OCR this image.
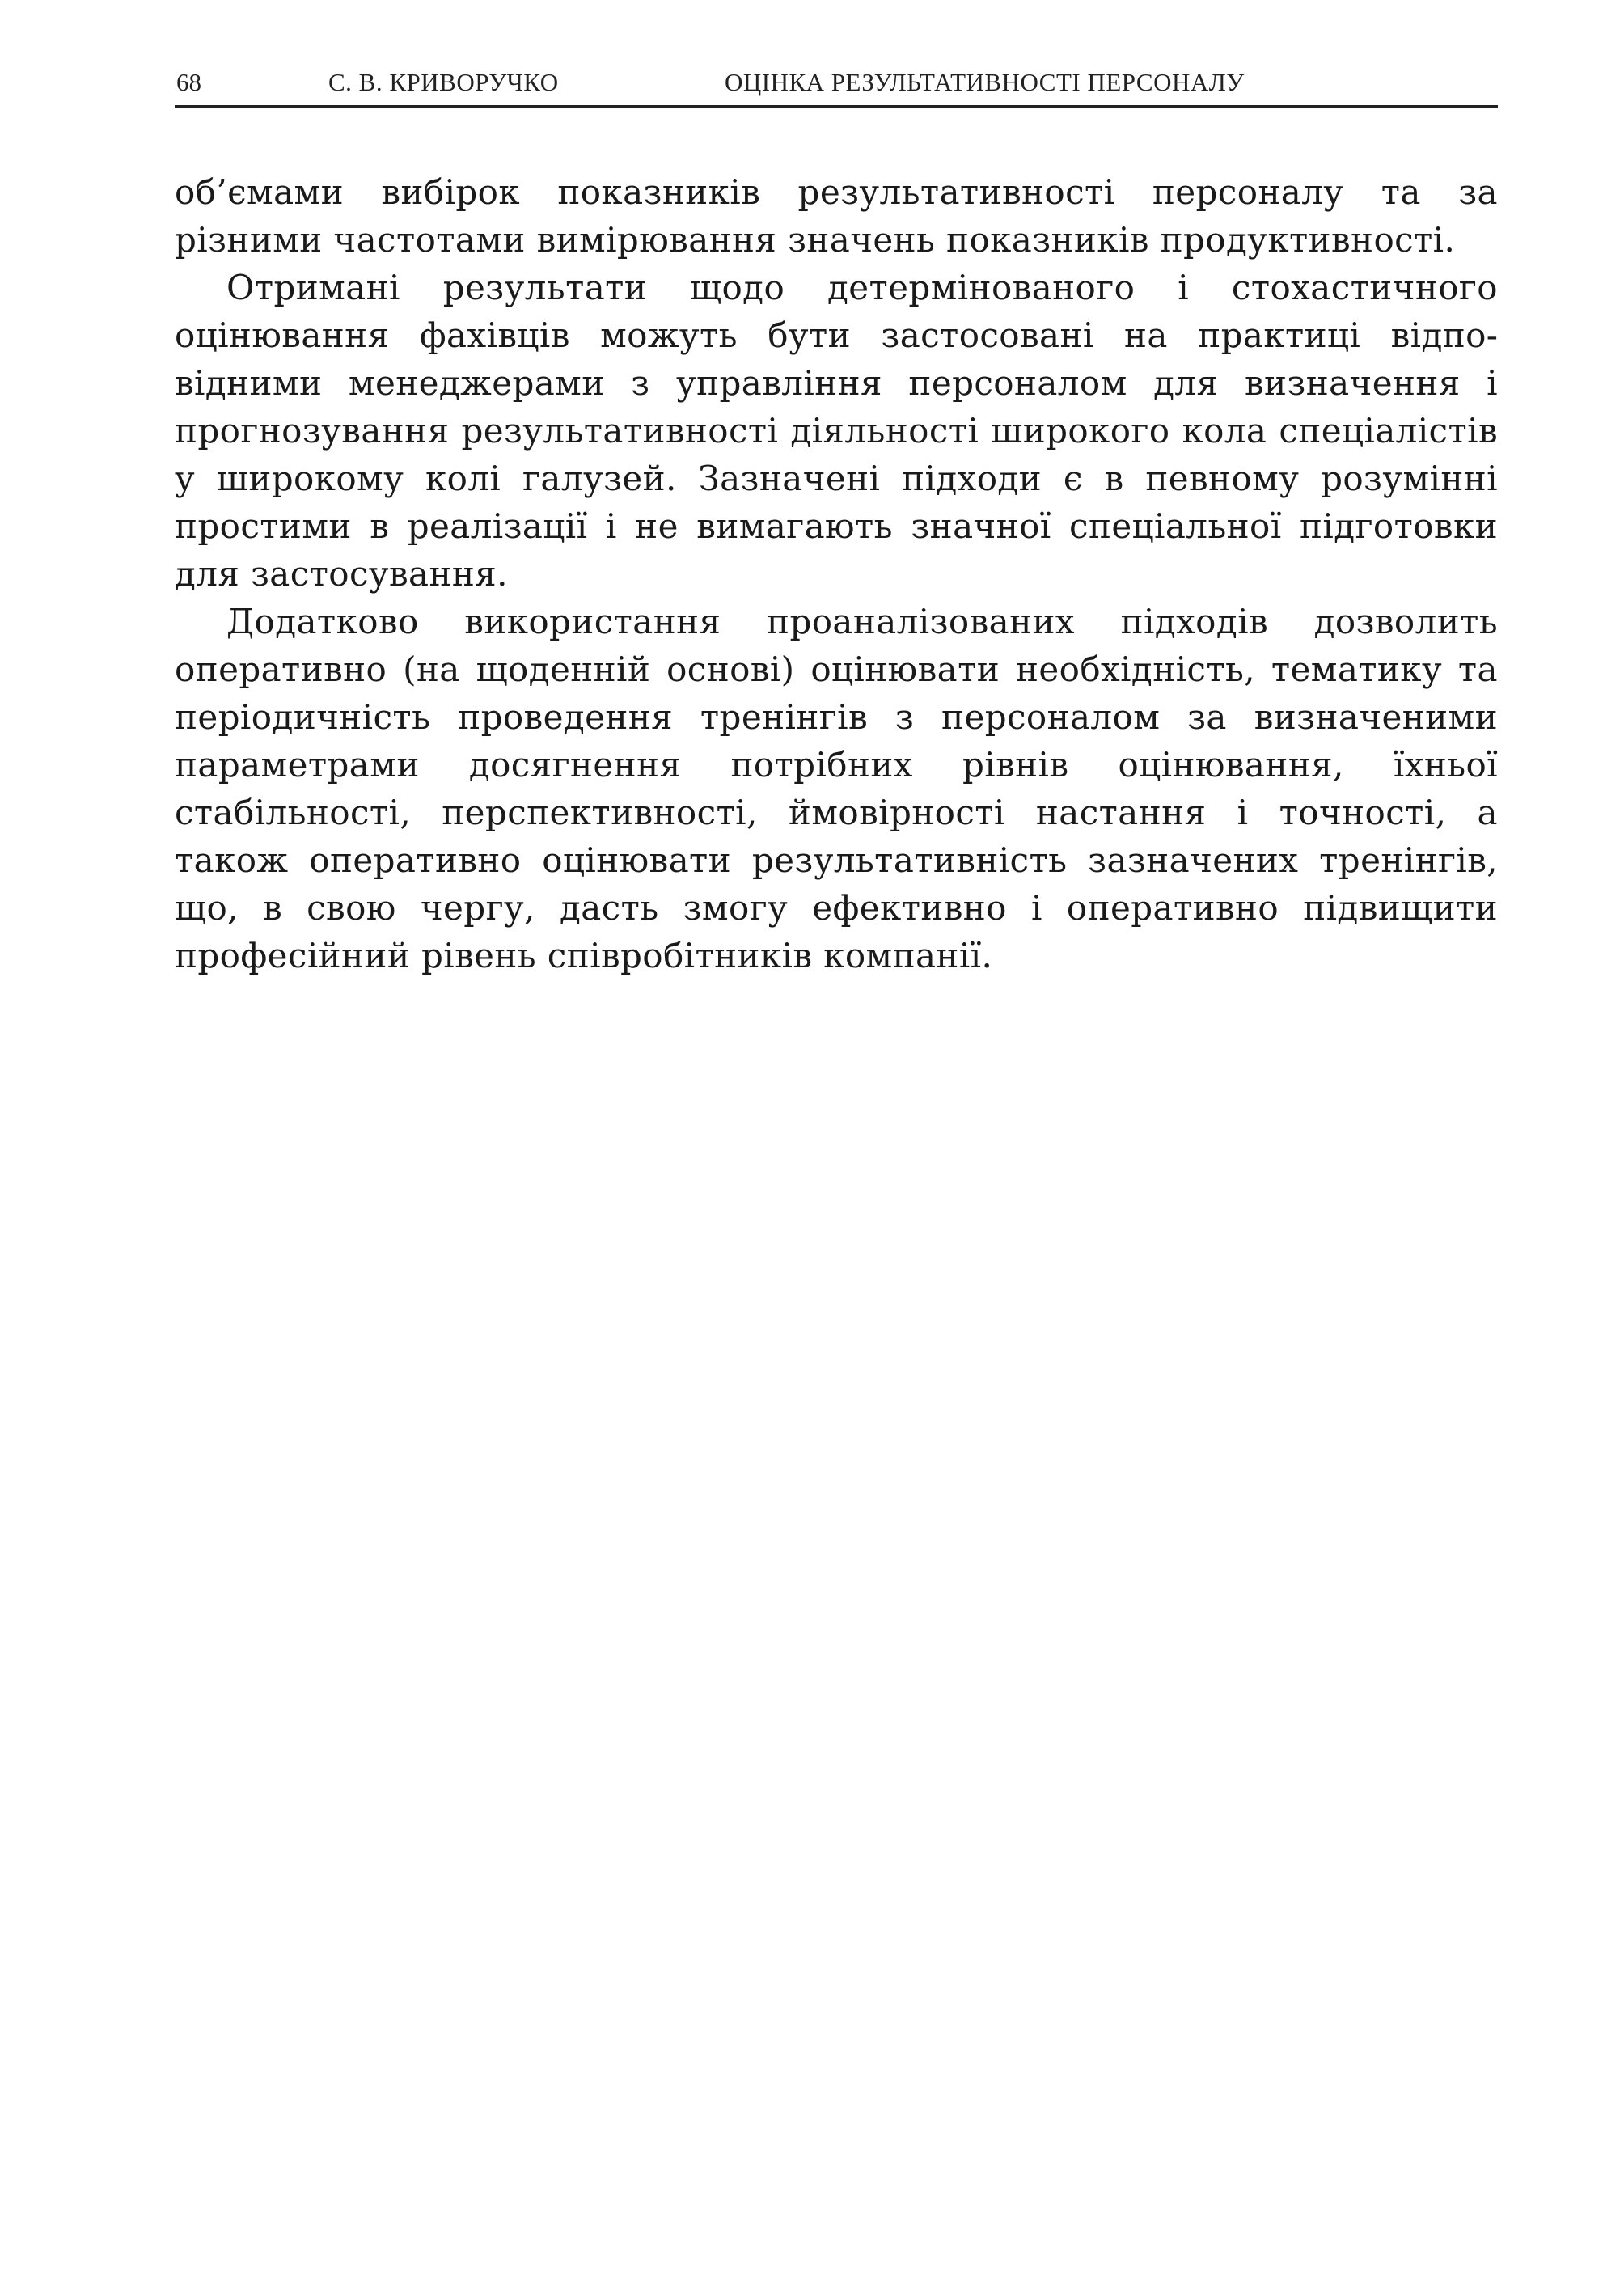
68	С. В. КРИВОРУЧКО	ОЦІНКА РЕЗУЛЬТАТИВНОСТІ ПЕРСОНАЛУ

об’ємами вибірок показників результативності персоналу та за різними частотами вимірювання значень показників продуктивності.

Отримані результати щодо детермінованого і стохастичного оцінювання фахівців можуть бути застосовані на практиці відповідними менеджерами з управління персоналом для визначення і прогнозування результативності діяльності широкого кола спеціалістів у широкому колі галузей. Зазначені підходи є в певному розумінні простими в реалізації і не вимагають значної спеціальної підготовки для застосування.

Додатково використання проаналізованих підходів дозволить оперативно (на щоденній основі) оцінювати необхідність, тематику та періодичність проведення тренінгів з персоналом за визначеними параметрами досягнення потрібних рівнів оцінювання, їхньої стабільності, перспективності, ймовірності настання і точності, а також оперативно оцінювати результативність зазначених тренінгів, що, в свою чергу, дасть змогу ефективно і оперативно підвищити професійний рівень співробітників компанії.
